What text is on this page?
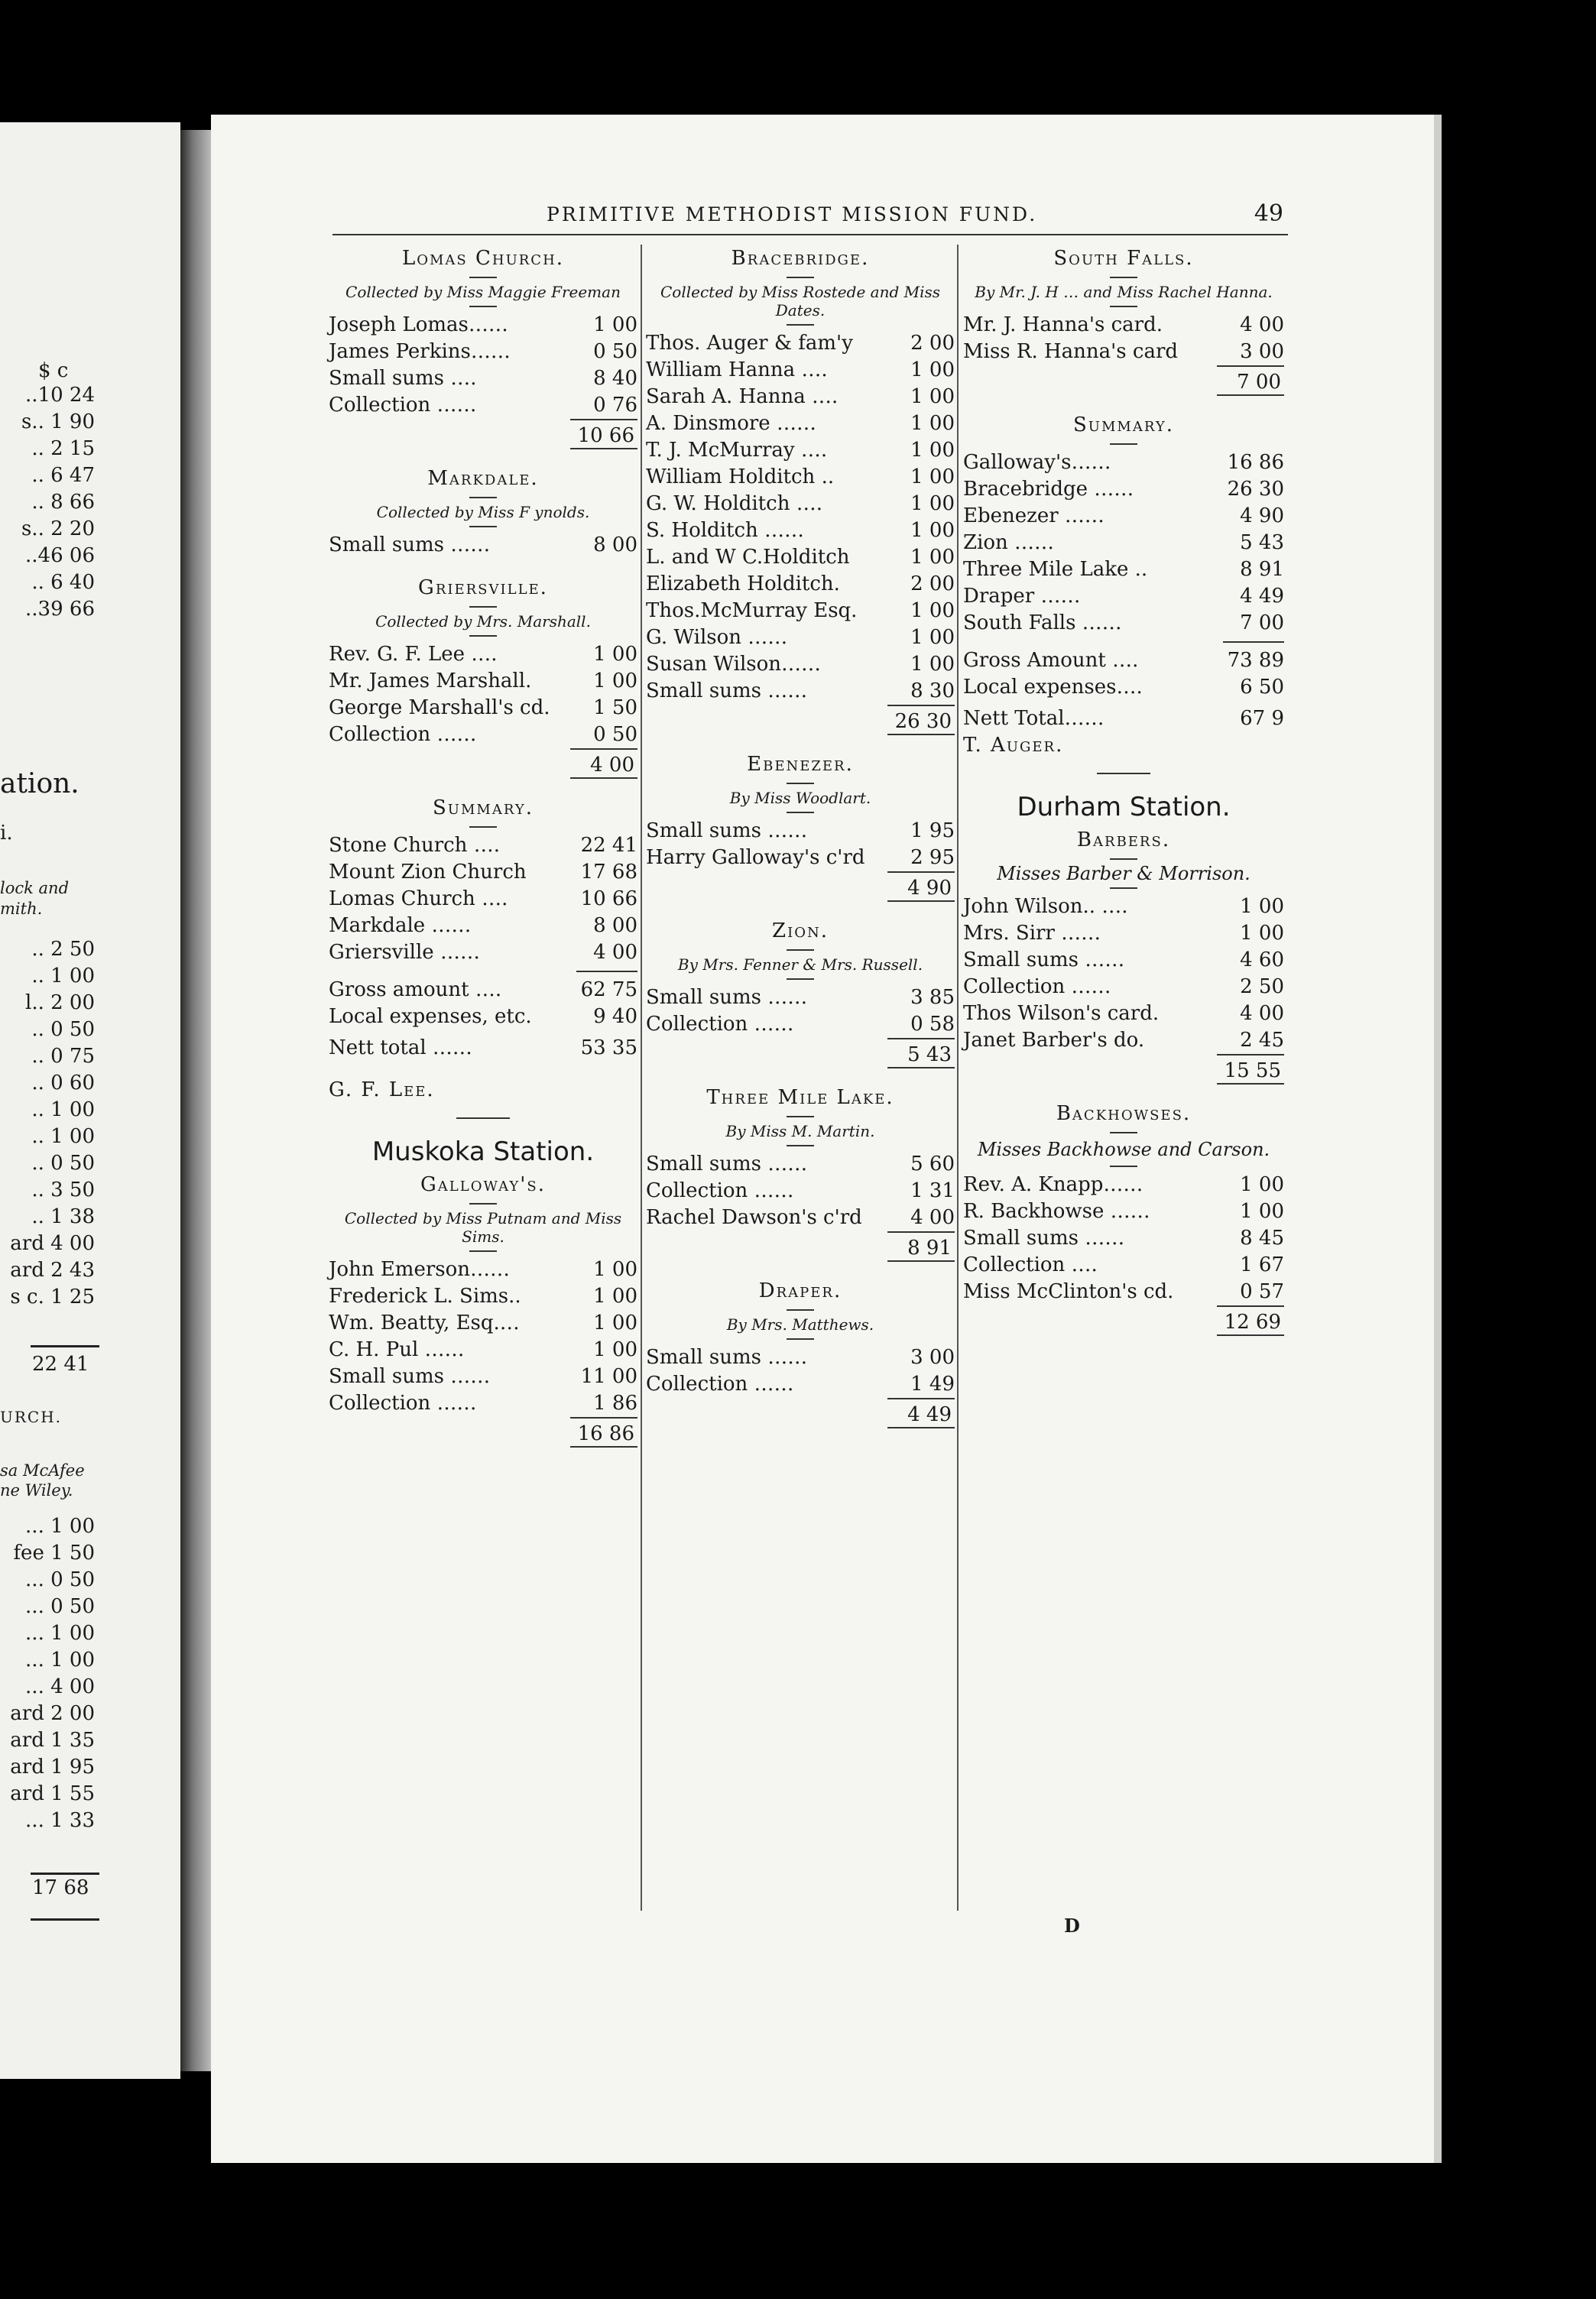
$ c
..10 24
s.. 1 90
.. 2 15
.. 6 47
.. 8 66
s.. 2 20
..46 06
.. 6 40
..39 66
ation.
i.
lock and
mith.
.. 2 50
.. 1 00
l.. 2 00
.. 0 50
.. 0 75
.. 0 60
.. 1 00
.. 1 00
.. 0 50
.. 3 50
.. 1 38
ard 4 00
ard 2 43
s c. 1 25
22 41
URCH.
sa McAfee
ne Wiley.
... 1 00
fee 1 50
... 0 50
... 0 50
... 1 00
... 1 00
... 4 00
ard 2 00
ard 1 35
ard 1 95
ard 1 55
... 1 33
17 68
PRIMITIVE METHODIST MISSION FUND.	49
Lomas Church.
Collected by Miss Maggie Freeman
Joseph Lomas……	1 00
James Perkins……	0 50
Small sums ….	8 40
Collection ……	0 76
10 66
Markdale.
Collected by Miss F ynolds.
Small sums ……	8 00
Griersville.
Collected by Mrs. Marshall.
Rev. G. F. Lee ….	1 00
Mr. James Marshall.	1 00
George Marshall's cd.	1 50
Collection ……	0 50
4 00
Summary.
Stone Church ….	22 41
Mount Zion Church	17 68
Lomas Church ….	10 66
Markdale ……	8 00
Griersville ……	4 00
Gross amount ….	62 75
Local expenses, etc.	9 40
Nett total ……	53 35
G. F. Lee.
Muskoka Station.
Galloway's.
Collected by Miss Putnam and Miss Sims.
John Emerson……	1 00
Frederick L. Sims..	1 00
Wm. Beatty, Esq.…	1 00
C. H. Pul ……	1 00
Small sums ……	11 00
Collection ……	1 86
16 86
Bracebridge.
Collected by Miss Rostede and Miss Dates.
Thos. Auger & fam'y	2 00
William Hanna ….	1 00
Sarah A. Hanna ….	1 00
A. Dinsmore ……	1 00
T. J. McMurray ….	1 00
William Holditch ..	1 00
G. W. Holditch ….	1 00
S. Holditch ……	1 00
L. and W C.Holditch	1 00
Elizabeth Holditch.	2 00
Thos.McMurray Esq.	1 00
G. Wilson ……	1 00
Susan Wilson……	1 00
Small sums ……	8 30
26 30
Ebenezer.
By Miss Woodlart.
Small sums ……	1 95
Harry Galloway's c'rd	2 95
4 90
Zion.
By Mrs. Fenner & Mrs. Russell.
Small sums ……	3 85
Collection ……	0 58
5 43
Three Mile Lake.
By Miss M. Martin.
Small sums ……	5 60
Collection ……	1 31
Rachel Dawson's c'rd	4 00
8 91
Draper.
By Mrs. Matthews.
Small sums ……	3 00
Collection ……	1 49
4 49
South Falls.
By Mr. J. H … and Miss Rachel Hanna.
Mr. J. Hanna's card.	4 00
Miss R. Hanna's card	3 00
7 00
Summary.
Galloway's……	16 86
Bracebridge ……	26 30
Ebenezer ……	4 90
Zion ……	5 43
Three Mile Lake ..	8 91
Draper ……	4 49
South Falls ……	7 00
Gross Amount ….	73 89
Local expenses….	6 50
Nett Total……	67 9
T. Auger.
Durham Station.
Barbers.
Misses Barber & Morrison.
John Wilson.. ….	1 00
Mrs. Sirr ……	1 00
Small sums ……	4 60
Collection ……	2 50
Thos Wilson's card.	4 00
Janet Barber's do.	2 45
15 55
Backhowses.
Misses Backhowse and Carson.
Rev. A. Knapp……	1 00
R. Backhowse ……	1 00
Small sums ……	8 45
Collection ….	1 67
Miss McClinton's cd.	0 57
12 69
D
